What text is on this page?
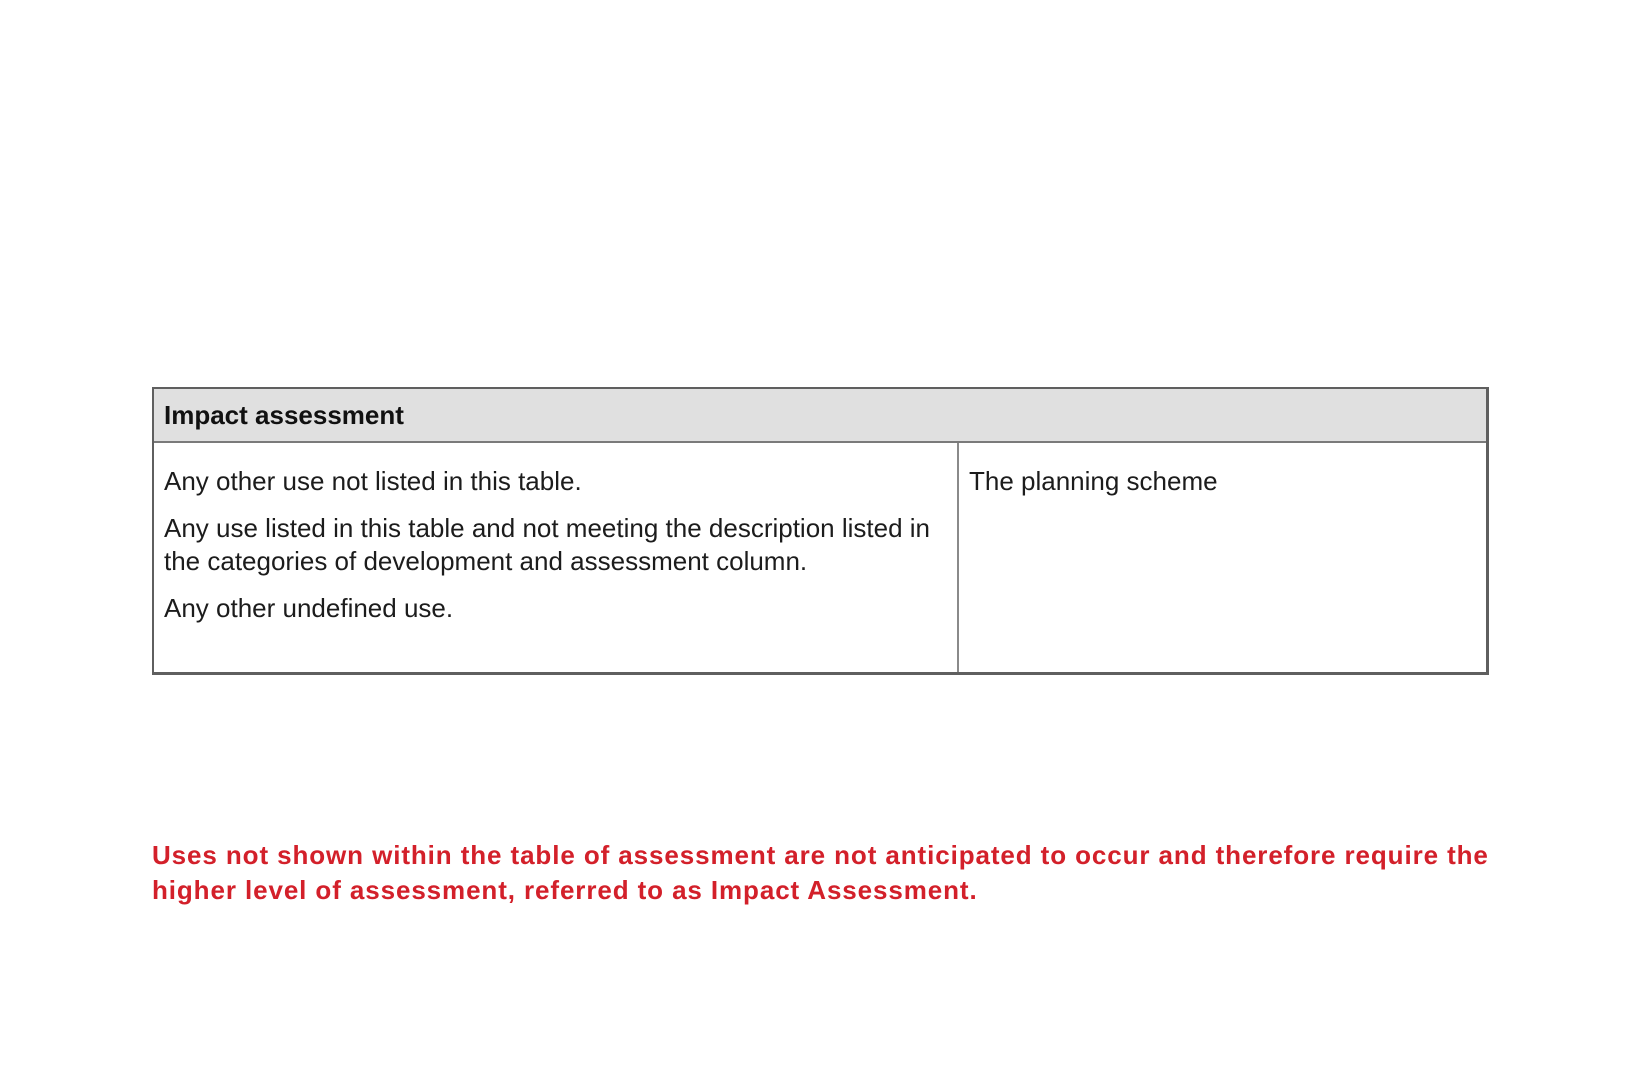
Impact assessment

Any other use not listed in this table.

Any use listed in this table and not meeting the description listed in the categories of development and assessment column.

Any other undefined use.

The planning scheme
Uses not shown within the table of assessment are not anticipated to occur and therefore require the higher level of assessment, referred to as Impact Assessment.
